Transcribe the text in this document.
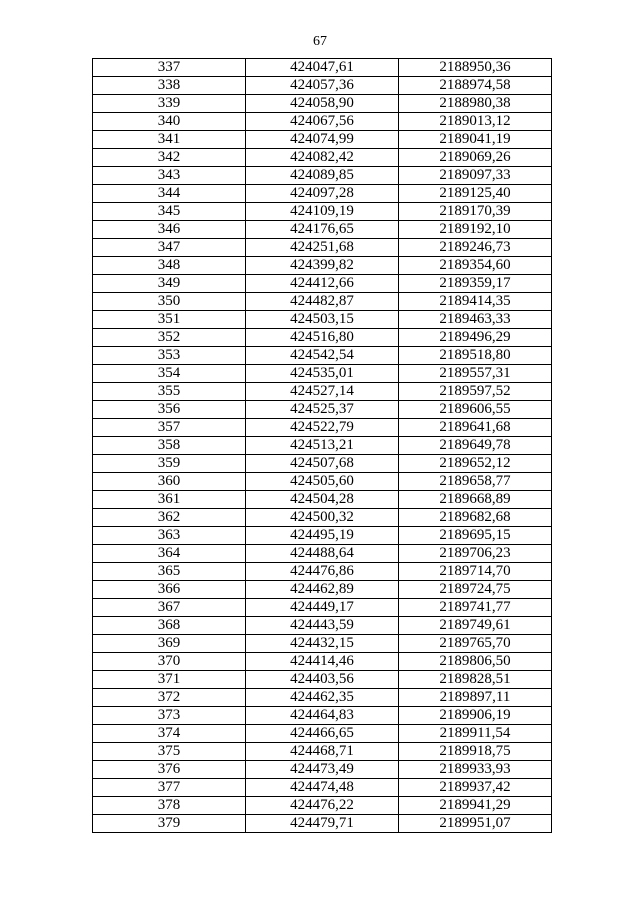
67
337	424047,61	2188950,36
338	424057,36	2188974,58
339	424058,90	2188980,38
340	424067,56	2189013,12
341	424074,99	2189041,19
342	424082,42	2189069,26
343	424089,85	2189097,33
344	424097,28	2189125,40
345	424109,19	2189170,39
346	424176,65	2189192,10
347	424251,68	2189246,73
348	424399,82	2189354,60
349	424412,66	2189359,17
350	424482,87	2189414,35
351	424503,15	2189463,33
352	424516,80	2189496,29
353	424542,54	2189518,80
354	424535,01	2189557,31
355	424527,14	2189597,52
356	424525,37	2189606,55
357	424522,79	2189641,68
358	424513,21	2189649,78
359	424507,68	2189652,12
360	424505,60	2189658,77
361	424504,28	2189668,89
362	424500,32	2189682,68
363	424495,19	2189695,15
364	424488,64	2189706,23
365	424476,86	2189714,70
366	424462,89	2189724,75
367	424449,17	2189741,77
368	424443,59	2189749,61
369	424432,15	2189765,70
370	424414,46	2189806,50
371	424403,56	2189828,51
372	424462,35	2189897,11
373	424464,83	2189906,19
374	424466,65	2189911,54
375	424468,71	2189918,75
376	424473,49	2189933,93
377	424474,48	2189937,42
378	424476,22	2189941,29
379	424479,71	2189951,07
